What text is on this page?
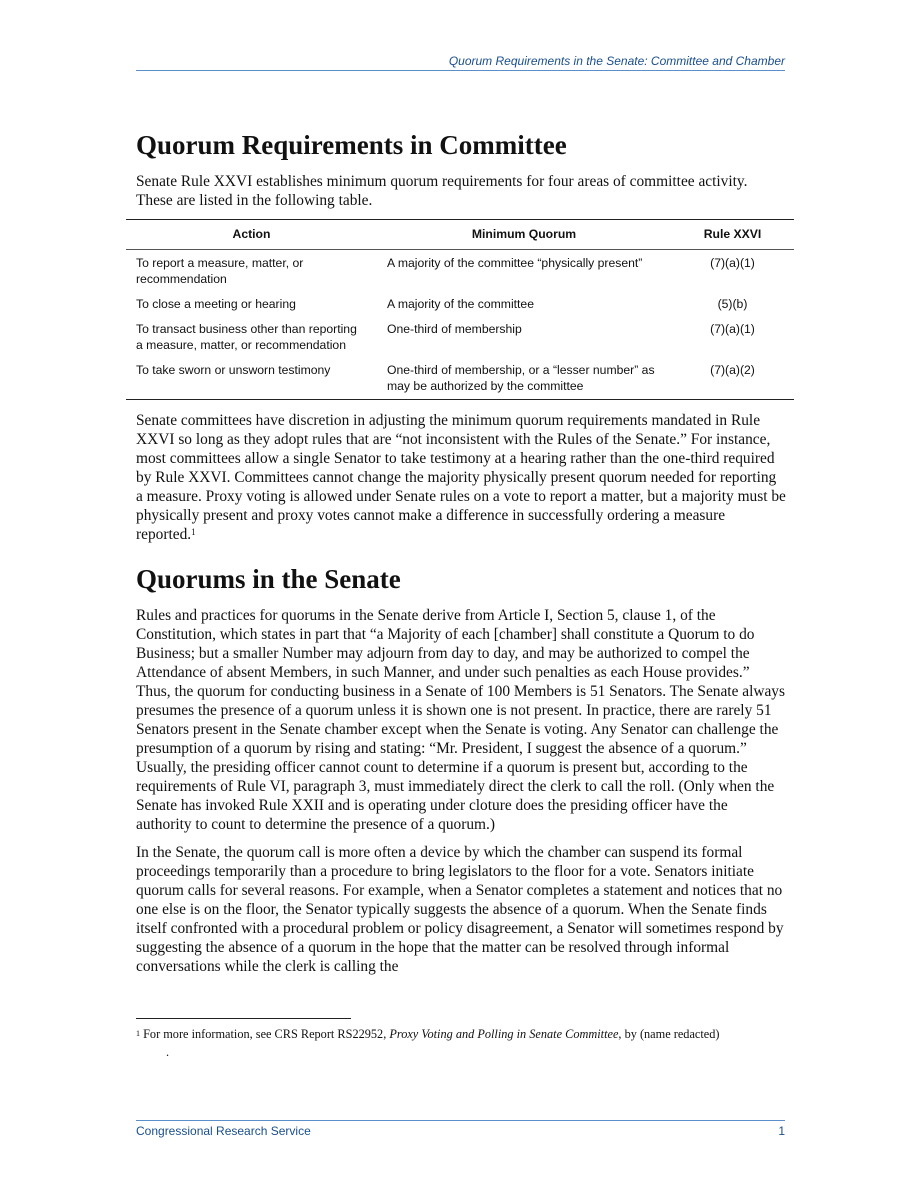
Quorum Requirements in the Senate: Committee and Chamber
Quorum Requirements in Committee

Senate Rule XXVI establishes minimum quorum requirements for four areas of committee activity. These are listed in the following table.

Action	Minimum Quorum	Rule XXVI
To report a measure, matter, or recommendation	A majority of the committee “physically present”	(7)(a)(1)
To close a meeting or hearing	A majority of the committee	(5)(b)
To transact business other than reporting a measure, matter, or recommendation	One-third of membership	(7)(a)(1)
To take sworn or unsworn testimony	One-third of membership, or a “lesser number” as may be authorized by the committee	(7)(a)(2)

Senate committees have discretion in adjusting the minimum quorum requirements mandated in Rule XXVI so long as they adopt rules that are “not inconsistent with the Rules of the Senate.” For instance, most committees allow a single Senator to take testimony at a hearing rather than the one-third required by Rule XXVI. Committees cannot change the majority physically present quorum needed for reporting a measure. Proxy voting is allowed under Senate rules on a vote to report a matter, but a majority must be physically present and proxy votes cannot make a difference in successfully ordering a measure reported.$^1$

Quorums in the Senate

Rules and practices for quorums in the Senate derive from Article I, Section 5, clause 1, of the Constitution, which states in part that “a Majority of each [chamber] shall constitute a Quorum to do Business; but a smaller Number may adjourn from day to day, and may be authorized to compel the Attendance of absent Members, in such Manner, and under such penalties as each House provides.” Thus, the quorum for conducting business in a Senate of 100 Members is 51 Senators. The Senate always presumes the presence of a quorum unless it is shown one is not present. In practice, there are rarely 51 Senators present in the Senate chamber except when the Senate is voting. Any Senator can challenge the presumption of a quorum by rising and stating: “Mr. President, I suggest the absence of a quorum.” Usually, the presiding officer cannot count to determine if a quorum is present but, according to the requirements of Rule VI, paragraph 3, must immediately direct the clerk to call the roll. (Only when the Senate has invoked Rule XXII and is operating under cloture does the presiding officer have the authority to count to determine the presence of a quorum.)

In the Senate, the quorum call is more often a device by which the chamber can suspend its formal proceedings temporarily than a procedure to bring legislators to the floor for a vote. Senators initiate quorum calls for several reasons. For example, when a Senator completes a statement and notices that no one else is on the floor, the Senator typically suggests the absence of a quorum. When the Senate finds itself confronted with a procedural problem or policy disagreement, a Senator will sometimes respond by suggesting the absence of a quorum in the hope that the matter can be resolved through informal conversations while the clerk is calling the

$^1$ For more information, see CRS Report RS22952, Proxy Voting and Polling in Senate Committee, by (name redacted)
.
Congressional Research Service	1
